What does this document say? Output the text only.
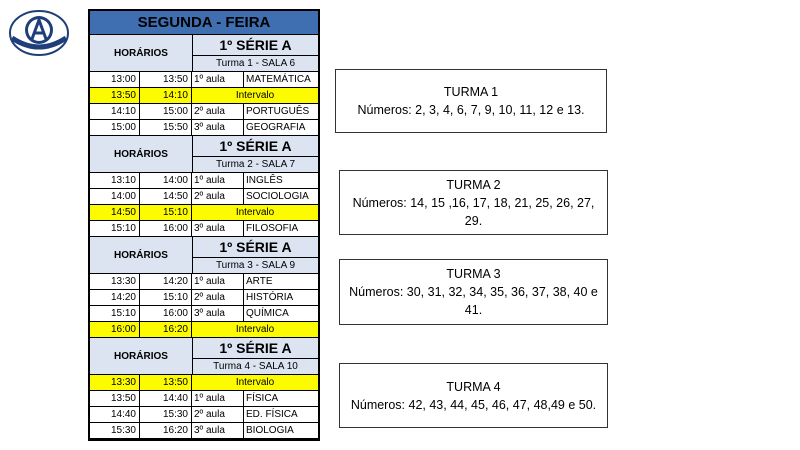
SEGUNDA - FEIRA
HORÁRIOS	1º SÉRIE A
Turma 1 - SALA 6
13:00	13:50 1º aula	MATEMÁTICA
13:50	14:10	Intervalo
14:10	15:00 2º aula	PORTUGUÊS
15:00	15:50 3º aula	GEOGRAFIA
HORÁRIOS	1º SÉRIE A
Turma 2 - SALA 7
13:10	14:00 1º aula	INGLÊS
14:00	14:50 2º aula	SOCIOLOGIA
14:50	15:10	Intervalo
15:10	16:00 3º aula	FILOSOFIA
HORÁRIOS	1º SÉRIE A
Turma 3 - SALA 9
13:30	14:20 1º aula	ARTE
14:20	15:10 2º aula	HISTÓRIA
15:10	16:00 3º aula	QUÍMICA
16:00	16:20	Intervalo
HORÁRIOS	1º SÉRIE A
Turma 4 - SALA 10
13:30	13:50	Intervalo
13:50	14:40 1º aula	FÍSICA
14:40	15:30 2º aula	ED. FÍSICA
15:30	16:20 3º aula	BIOLOGIA
TURMA 1
Números: 2, 3, 4, 6, 7, 9, 10, 11, 12 e 13.
TURMA 2
Números: 14, 15 ,16, 17, 18, 21, 25, 26, 27, 29.
TURMA 3
Números: 30, 31, 32, 34, 35, 36, 37, 38, 40 e 41.
TURMA 4
Números: 42, 43, 44, 45, 46, 47, 48,49 e 50.
